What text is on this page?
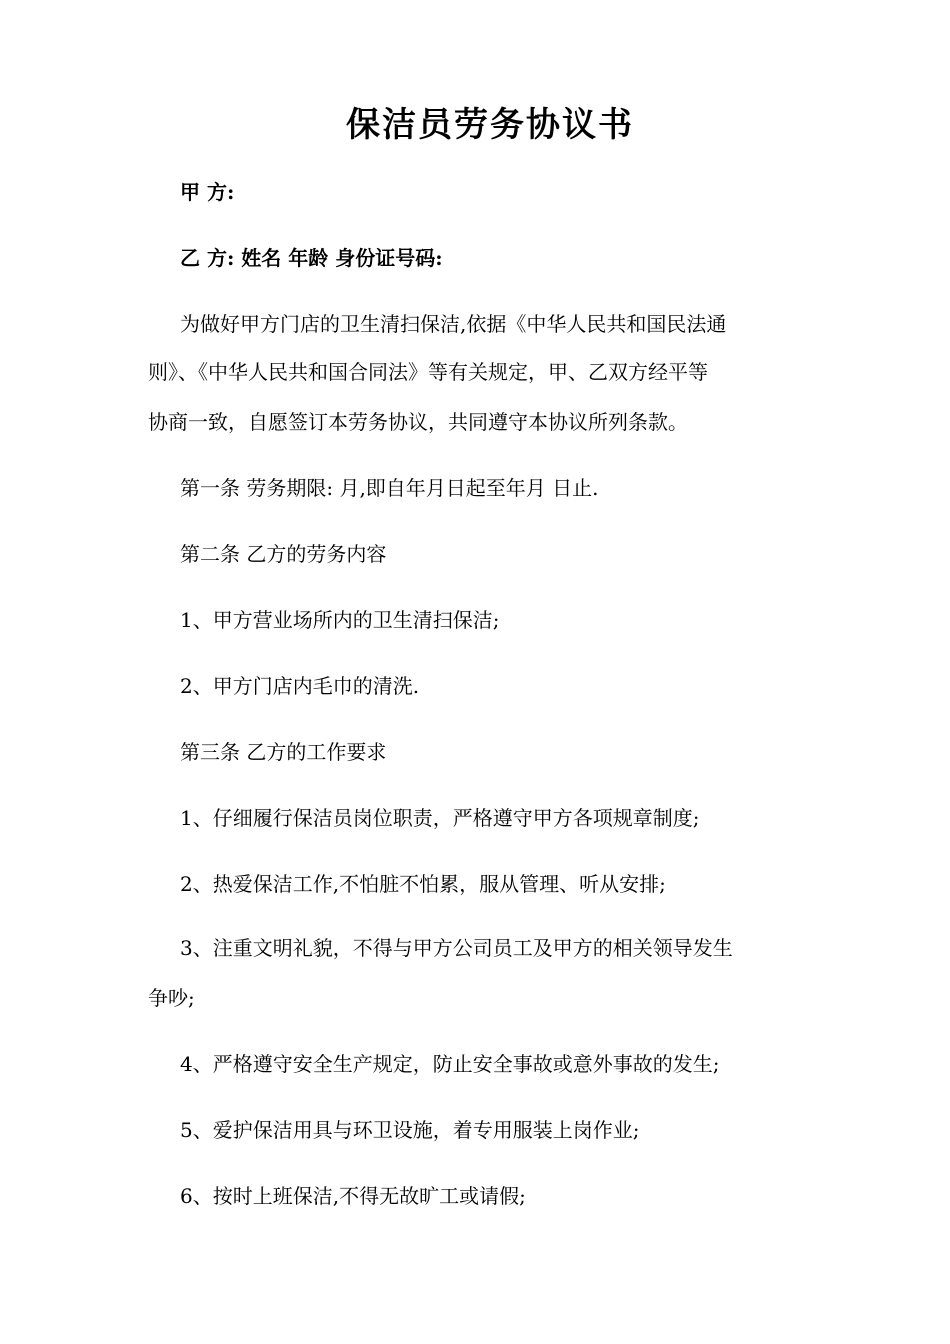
保洁员劳务协议书
甲 方:
乙 方: 姓名 年龄 身份证号码:
为做好甲方门店的卫生清扫保洁,依据《中华人民共和国民法通
则》、《中华人民共和国合同法》等有关规定，甲、乙双方经平等
协商一致，自愿签订本劳务协议，共同遵守本协议所列条款。
第一条 劳务期限: 月,即自年月日起至年月 日止.
第二条 乙方的劳务内容
1、甲方营业场所内的卫生清扫保洁;
2、甲方门店内毛巾的清洗.
第三条 乙方的工作要求
1、仔细履行保洁员岗位职责，严格遵守甲方各项规章制度;
2、热爱保洁工作,不怕脏不怕累，服从管理、听从安排;
3、注重文明礼貌，不得与甲方公司员工及甲方的相关领导发生
争吵;
4、严格遵守安全生产规定，防止安全事故或意外事故的发生;
5、爱护保洁用具与环卫设施，着专用服装上岗作业;
6、按时上班保洁,不得无故旷工或请假;
